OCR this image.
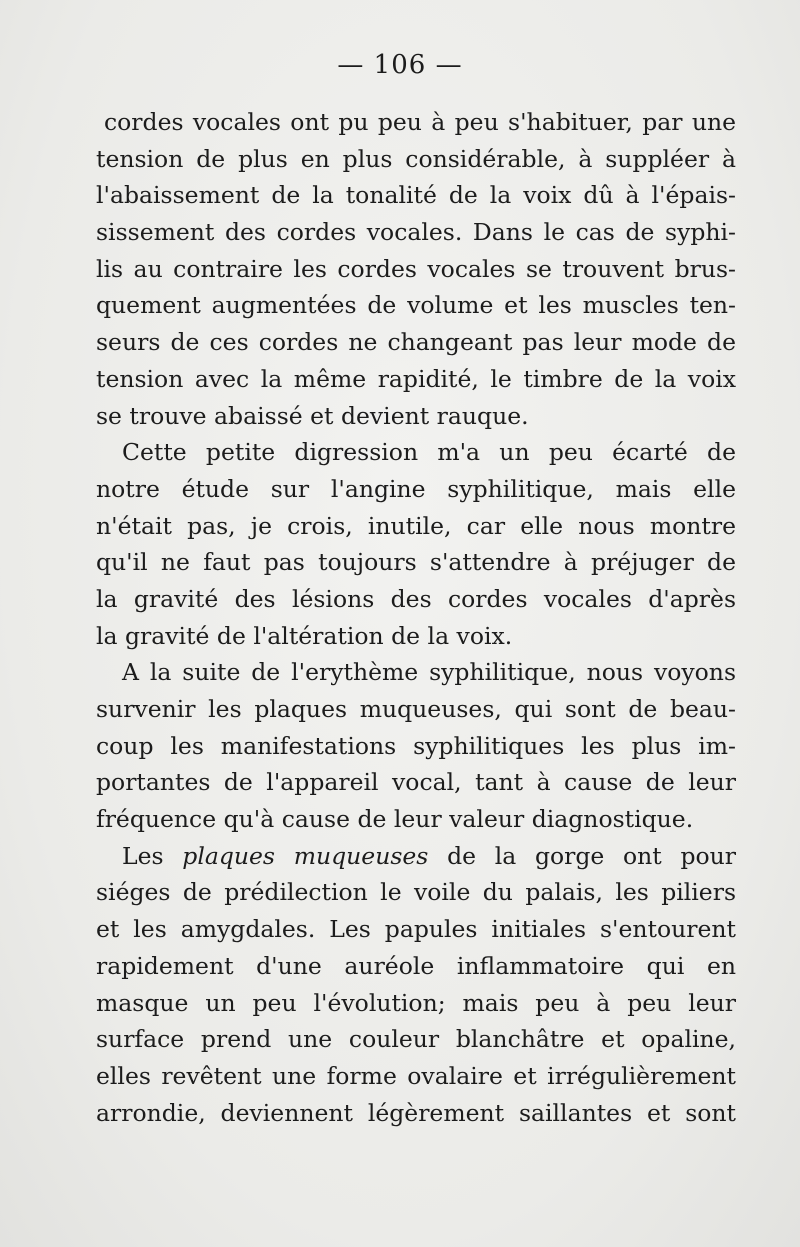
— 106 —
cordes vocales ont pu peu à peu s'habituer, par une
tension de plus en plus considérable, à suppléer à
l'abaissement de la tonalité de la voix dû à l'épais-
sissement des cordes vocales. Dans le cas de syphi-
lis au contraire les cordes vocales se trouvent brus-
quement augmentées de volume et les muscles ten-
seurs de ces cordes ne changeant pas leur mode de
tension avec la même rapidité, le timbre de la voix
se trouve abaissé et devient rauque.
Cette petite digression m'a un peu écarté de
notre étude sur l'angine syphilitique, mais elle
n'était pas, je crois, inutile, car elle nous montre
qu'il ne faut pas toujours s'attendre à préjuger de
la gravité des lésions des cordes vocales d'après
la gravité de l'altération de la voix.
A la suite de l'erythème syphilitique, nous voyons
survenir les plaques muqueuses, qui sont de beau-
coup les manifestations syphilitiques les plus im-
portantes de l'appareil vocal, tant à cause de leur
fréquence qu'à cause de leur valeur diagnostique.
Les plaques muqueuses de la gorge ont pour
siéges de prédilection le voile du palais, les piliers
et les amygdales. Les papules initiales s'entourent
rapidement d'une auréole inflammatoire qui en
masque un peu l'évolution; mais peu à peu leur
surface prend une couleur blanchâtre et opaline,
elles revêtent une forme ovalaire et irrégulièrement
arrondie, deviennent légèrement saillantes et sont
